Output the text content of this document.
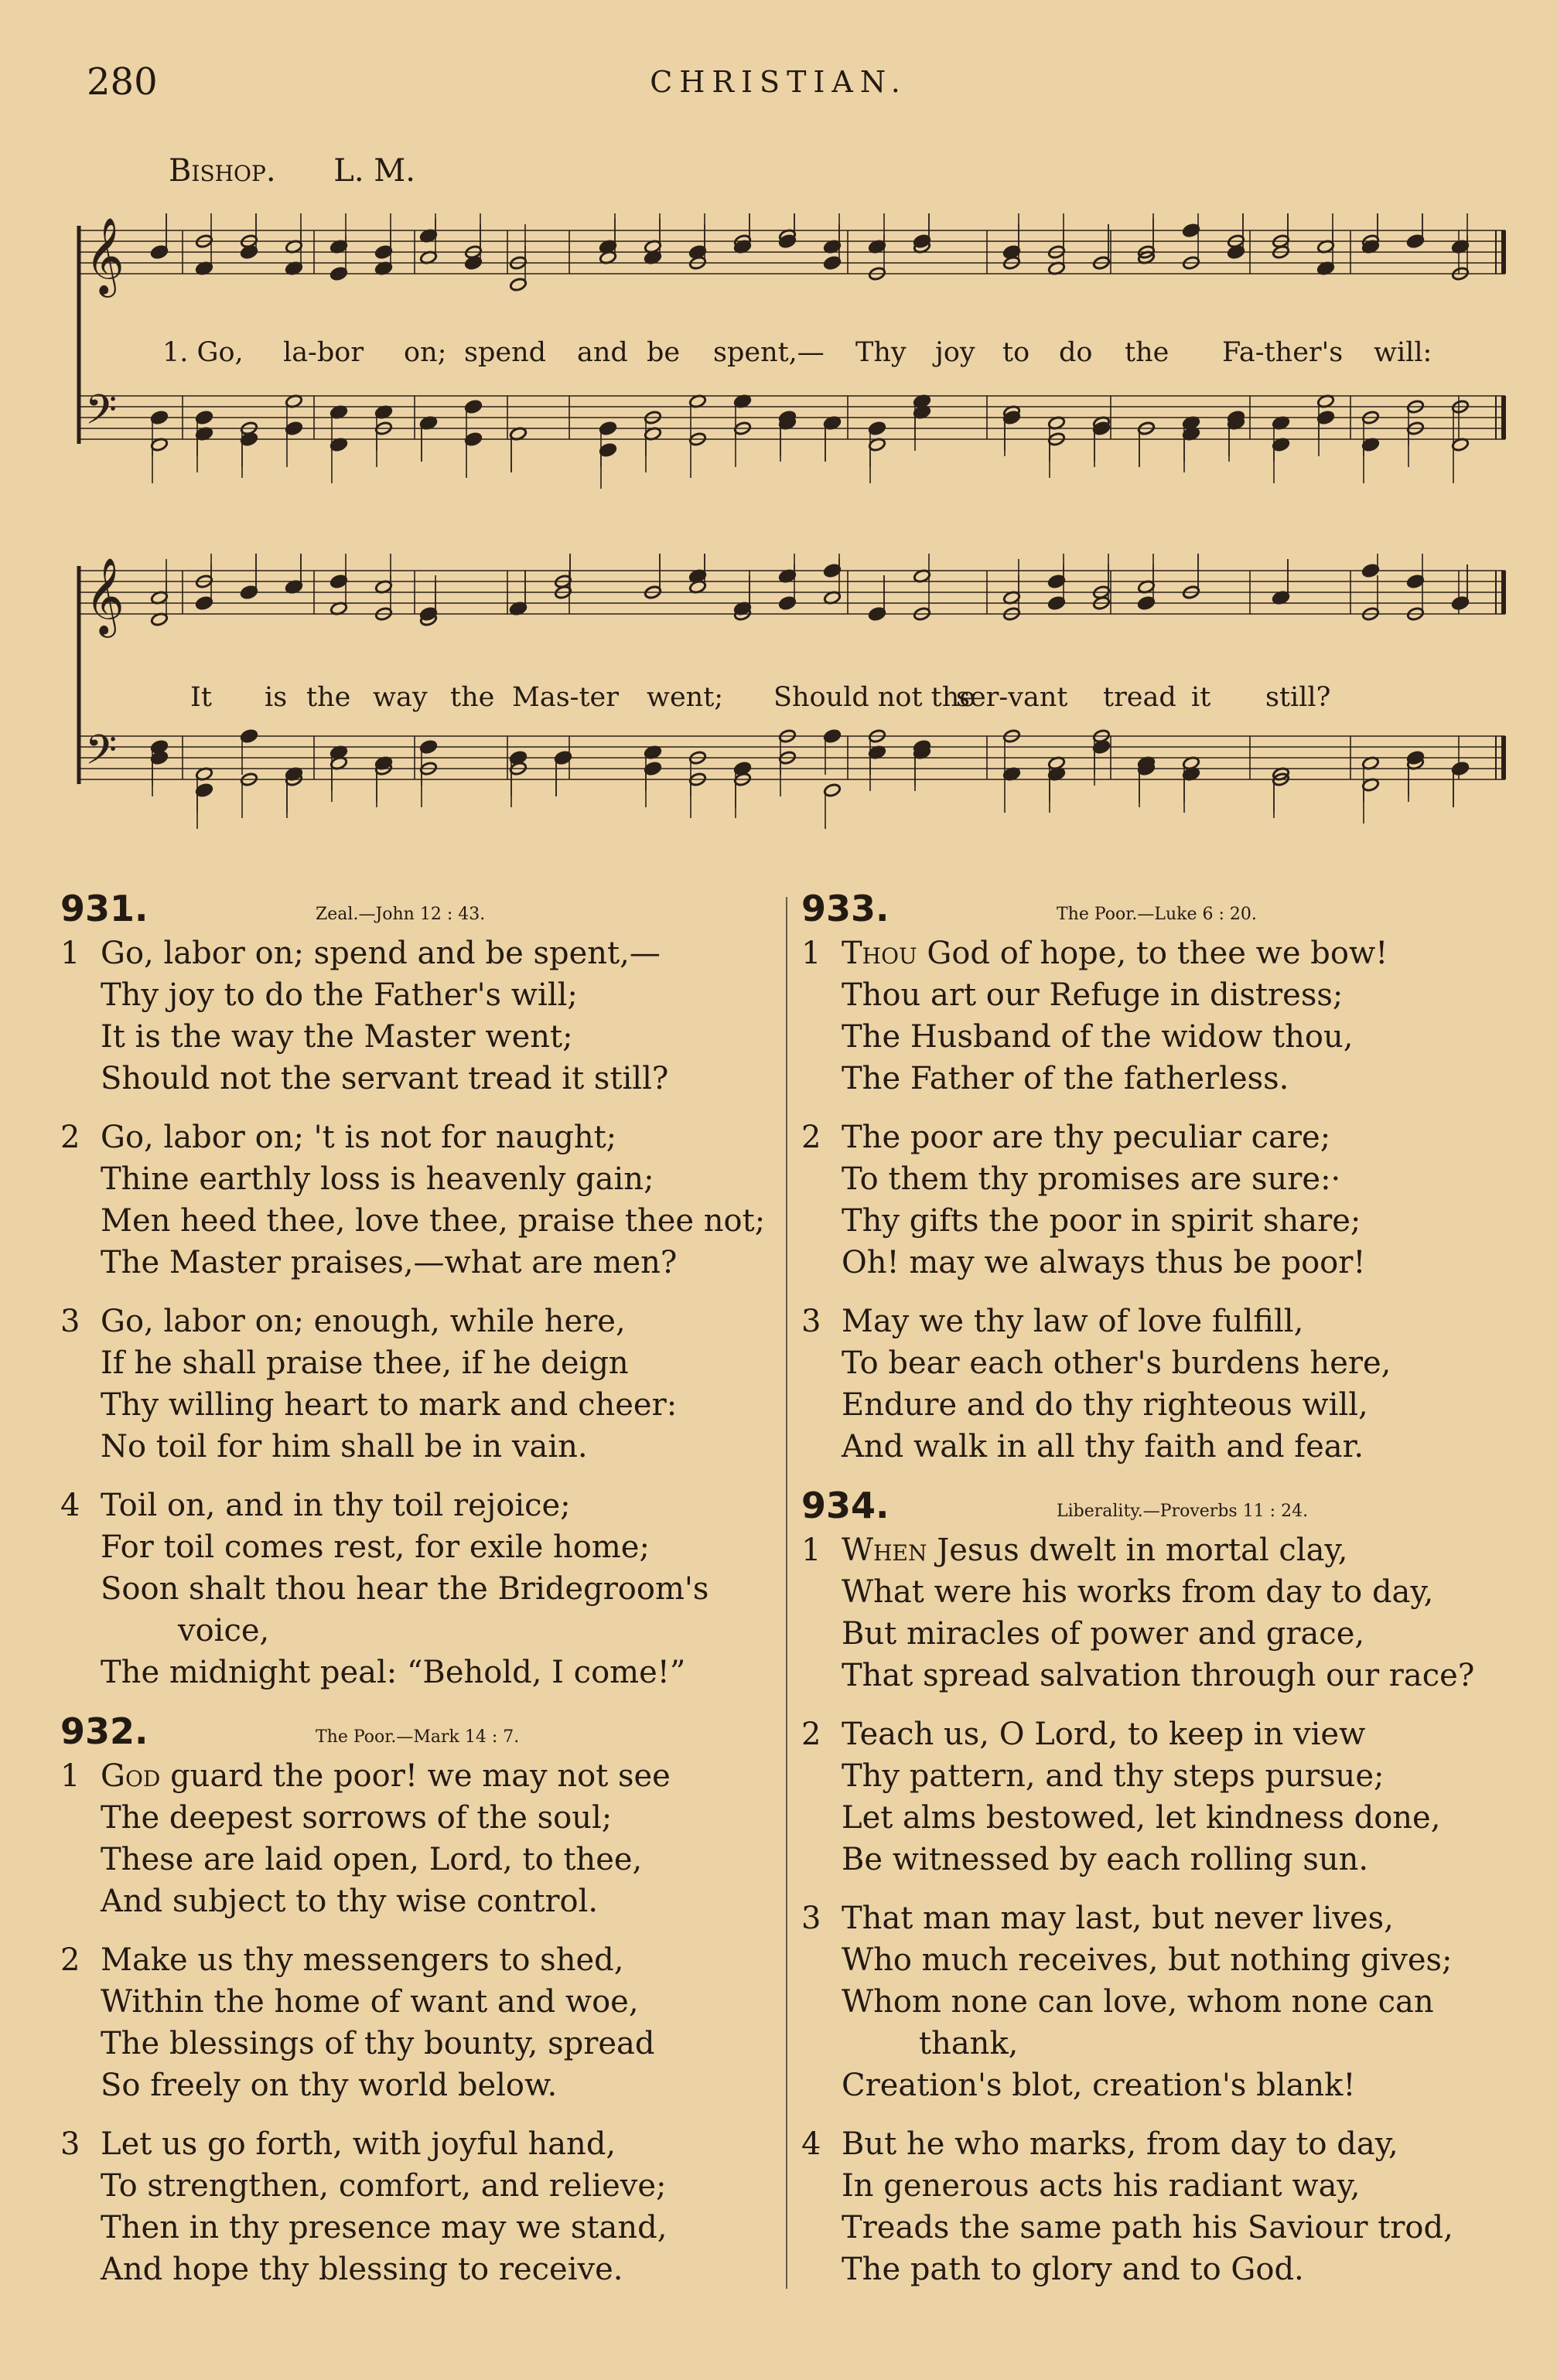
280	CHRISTIAN.
Bishop. L. M.
𝄞
𝄢
1. Go, la-bor on; spend and be spent,— Thy joy to do the Fa-ther's will:
𝄞
𝄢
It is the way the Mas-ter went; Should not the
ser-vant tread it still?
931.	Zeal.—John 12 : 43.
1 Go, labor on; spend and be spent,—
Thy joy to do the Father's will;
It is the way the Master went;
Should not the servant tread it still?
2 Go, labor on; 't is not for naught;
Thine earthly loss is heavenly gain;
Men heed thee, love thee, praise thee not;
The Master praises,—what are men?
3 Go, labor on; enough, while here,
If he shall praise thee, if he deign
Thy willing heart to mark and cheer:
No toil for him shall be in vain.
4 Toil on, and in thy toil rejoice;
For toil comes rest, for exile home;
Soon shalt thou hear the Bridegroom's
voice,
The midnight peal: “Behold, I come!”
932.	The Poor.—Mark 14 : 7.
1 God guard the poor! we may not see
The deepest sorrows of the soul;
These are laid open, Lord, to thee,
And subject to thy wise control.
2 Make us thy messengers to shed,
Within the home of want and woe,
The blessings of thy bounty, spread
So freely on thy world below.
3 Let us go forth, with joyful hand,
To strengthen, comfort, and relieve;
Then in thy presence may we stand,
And hope thy blessing to receive.
933.	The Poor.—Luke 6 : 20.
1 Thou God of hope, to thee we bow!
Thou art our Refuge in distress;
The Husband of the widow thou,
The Father of the fatherless.
2 The poor are thy peculiar care;
To them thy promises are sure:·
Thy gifts the poor in spirit share;
Oh! may we always thus be poor!
3 May we thy law of love fulfill,
To bear each other's burdens here,
Endure and do thy righteous will,
And walk in all thy faith and fear.
934.	Liberality.—Proverbs 11 : 24.
1 When Jesus dwelt in mortal clay,
What were his works from day to day,
But miracles of power and grace,
That spread salvation through our race?
2 Teach us, O Lord, to keep in view
Thy pattern, and thy steps pursue;
Let alms bestowed, let kindness done,
Be witnessed by each rolling sun.
3 That man may last, but never lives,
Who much receives, but nothing gives;
Whom none can love, whom none can
thank,
Creation's blot, creation's blank!
4 But he who marks, from day to day,
In generous acts his radiant way,
Treads the same path his Saviour trod,
The path to glory and to God.
